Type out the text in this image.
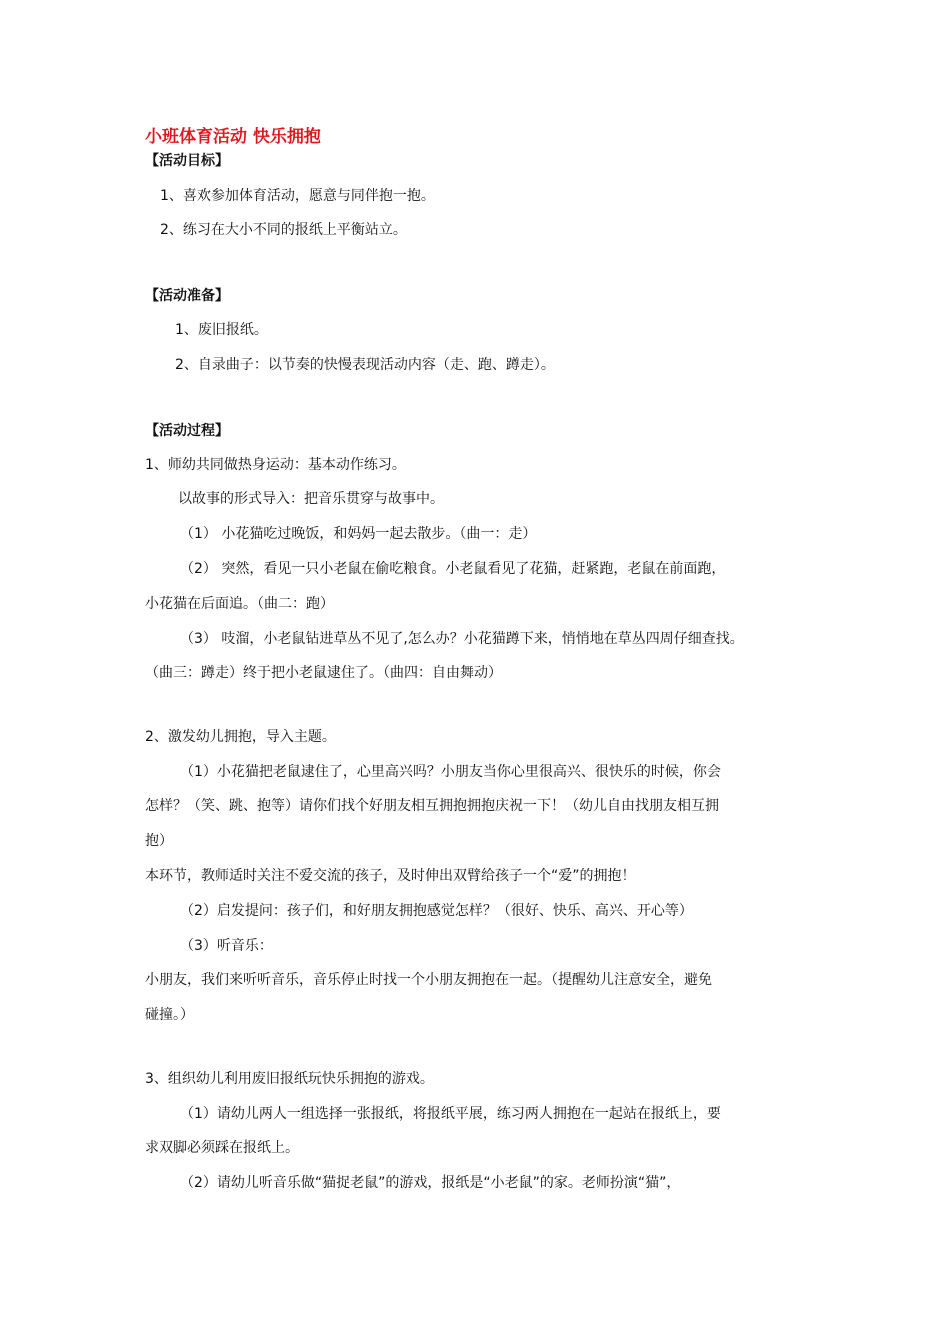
小班体育活动 快乐拥抱
【活动目标】
1、喜欢参加体育活动，愿意与同伴抱一抱。
2、练习在大小不同的报纸上平衡站立。
【活动准备】
1、废旧报纸。
2、自录曲子：以节奏的快慢表现活动内容（走、跑、蹲走）。
【活动过程】
1、师幼共同做热身运动：基本动作练习。
以故事的形式导入：把音乐贯穿与故事中。
（1） 小花猫吃过晚饭，和妈妈一起去散步。（曲一：走）
（2） 突然，看见一只小老鼠在偷吃粮食。小老鼠看见了花猫，赶紧跑，老鼠在前面跑，
小花猫在后面追。（曲二：跑）
（3） 吱溜，小老鼠钻进草丛不见了,怎么办？小花猫蹲下来，悄悄地在草丛四周仔细查找。
（曲三：蹲走）终于把小老鼠逮住了。（曲四：自由舞动）
2、激发幼儿拥抱，导入主题。
（1）小花猫把老鼠逮住了，心里高兴吗？小朋友当你心里很高兴、很快乐的时候，你会
怎样？（笑、跳、抱等）请你们找个好朋友相互拥抱拥抱庆祝一下！（幼儿自由找朋友相互拥
抱）
本环节，教师适时关注不爱交流的孩子，及时伸出双臂给孩子一个“爱”的拥抱！
（2）启发提问：孩子们，和好朋友拥抱感觉怎样？（很好、快乐、高兴、开心等）
（3）听音乐：
小朋友，我们来听听音乐，音乐停止时找一个小朋友拥抱在一起。（提醒幼儿注意安全，避免
碰撞。）
3、组织幼儿利用废旧报纸玩快乐拥抱的游戏。
（1）请幼儿两人一组选择一张报纸，将报纸平展，练习两人拥抱在一起站在报纸上，要
求双脚必须踩在报纸上。
（2）请幼儿听音乐做“猫捉老鼠”的游戏，报纸是“小老鼠”的家。老师扮演“猫”，
